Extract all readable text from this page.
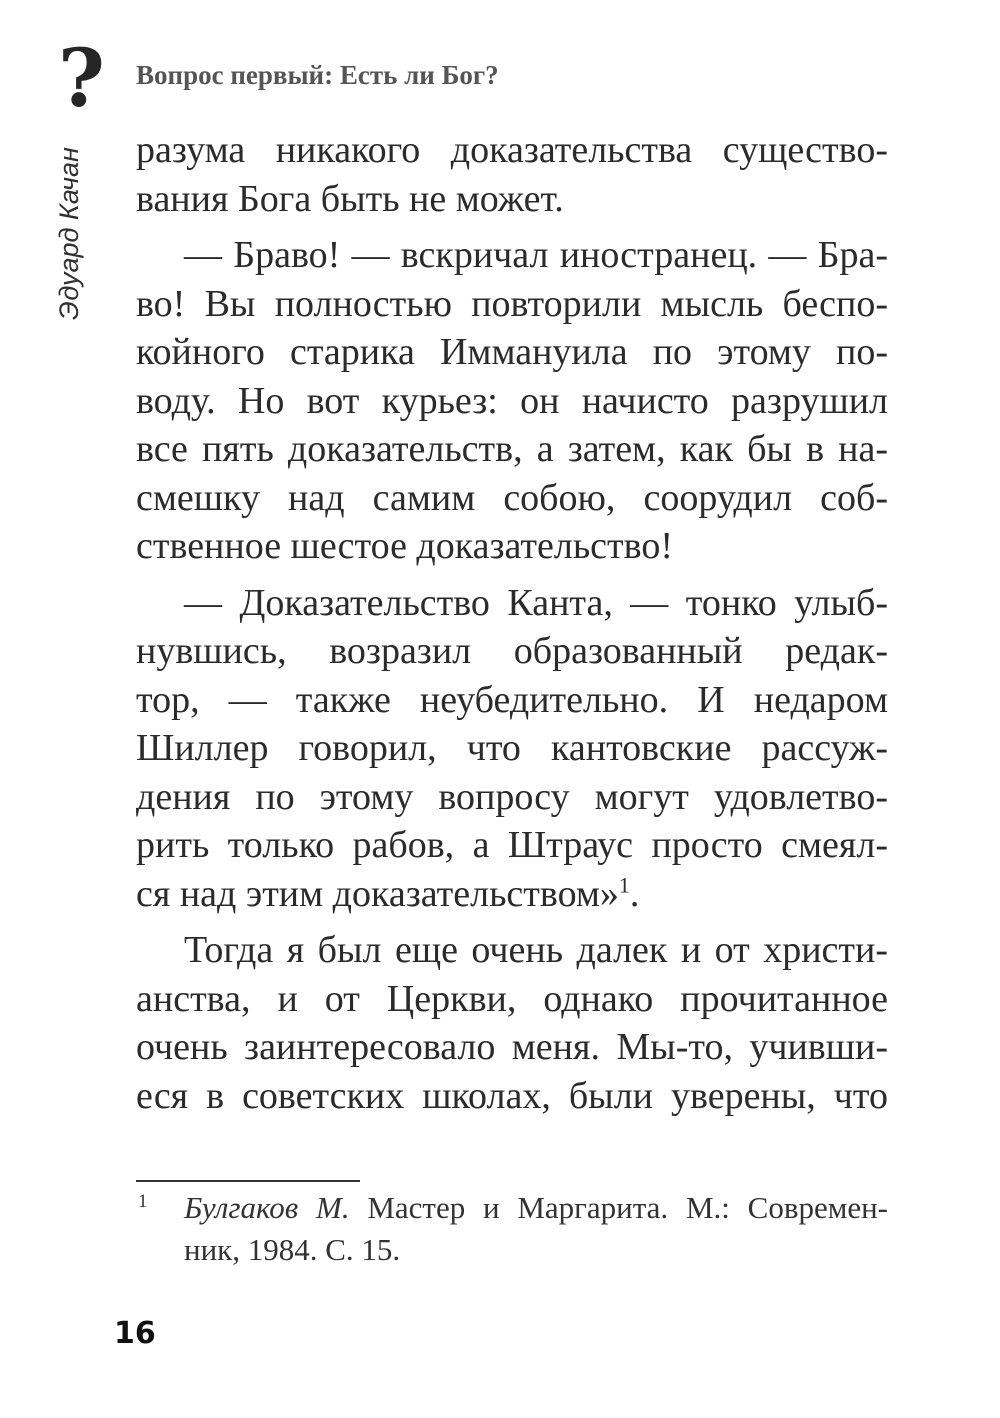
? Вопрос первый: Есть ли Бог?
Эдуард Качан разума никакого доказательства существо-
вания Бога быть не может.
— Браво! — вскричал иностранец. — Бра-
во! Вы полностью повторили мысль беспо-
койного старика Иммануила по этому по-
воду. Но вот курьез: он начисто разрушил
все пять доказательств, а затем, как бы в на-
смешку над самим собою, соорудил соб-
ственное шестое доказательство!
— Доказательство Канта, — тонко улыб-
нувшись, возразил образованный редак-
тор, — также неубедительно. И недаром
Шиллер говорил, что кантовские рассуж-
дения по этому вопросу могут удовлетво-
рить только рабов, а Штраус просто смеял-
ся над этим доказательством»$^1$.
Тогда я был еще очень далек и от христи-
анства, и от Церкви, однако прочитанное
очень заинтересовало меня. Мы-то, учивши-
еся в советских школах, были уверены, что
1	Булгаков М. Мастер и Маргарита. М.: Современ-
ник, 1984. С. 15.
16
